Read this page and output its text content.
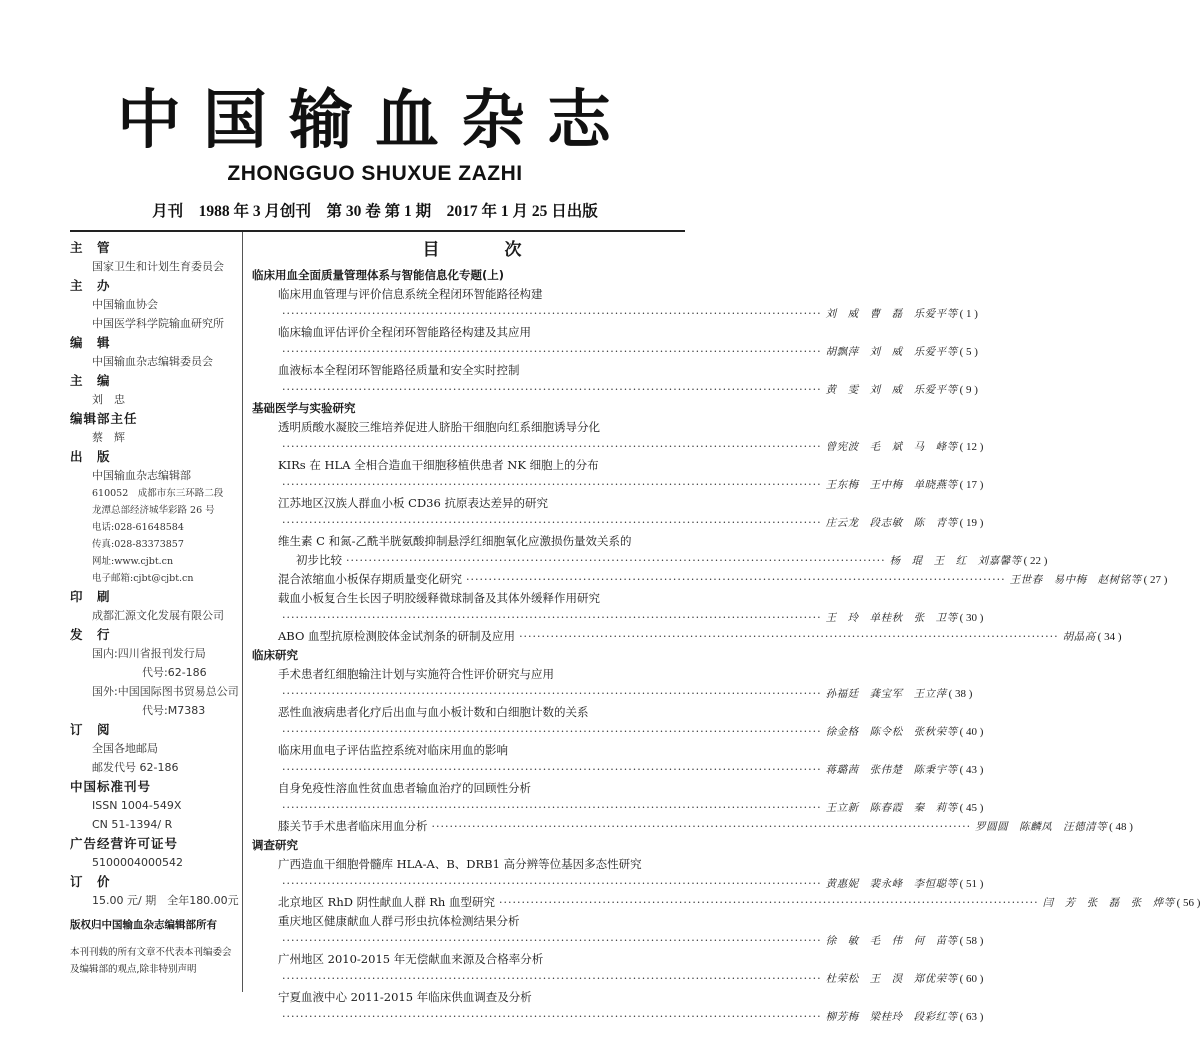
中国输血杂志
ZHONGGUO SHUXUE ZAZHI
月刊　1988 年 3 月创刊　第 30 卷 第 1 期　2017 年 1 月 25 日出版
主　管
国家卫生和计划生育委员会
主　办
中国输血协会
中国医学科学院输血研究所
编　辑
中国输血杂志编辑委员会
主　编
刘　忠
编辑部主任
蔡　辉
出　版
中国输血杂志编辑部
610052　成都市东三环路二段
龙潭总部经济城华彩路 26 号
电话:028-61648584
传真:028-83373857
网址:www.cjbt.cn
电子邮箱:cjbt@cjbt.cn
印　刷
成都汇源文化发展有限公司
发　行
国内:四川省报刊发行局
代号:62-186
国外:中国国际图书贸易总公司
代号:M7383
订　阅
全国各地邮局
邮发代号 62-186
中国标准刊号
ISSN 1004-549X
CN 51-1394/ R
广告经营许可证号
5100004000542
订　价
15.00 元/ 期　全年180.00元
版权归中国输血杂志编辑部所有
本刊刊载的所有文章不代表本刊编委会及编辑部的观点,除非特别声明
目　次
临床用血全面质量管理体系与智能信息化专题(上)
临床用血管理与评价信息系统全程闭环智能路径构建
························································································································ 刘　威　曹　磊　乐爱平等 ( 1 )
临床输血评估评价全程闭环智能路径构建及其应用
························································································································ 胡飘萍　刘　威　乐爱平等 ( 5 )
血液标本全程闭环智能路径质量和安全实时控制
························································································································ 黄　雯　刘　威　乐爱平等 ( 9 )
基础医学与实验研究
透明质酸水凝胶三维培养促进人脐胎干细胞向红系细胞诱导分化
························································································································ 曾宪波　毛　斌　马　峰等 ( 12 )
KIRs 在 HLA 全相合造血干细胞移植供患者 NK 细胞上的分布
························································································································ 王东梅　王中梅　单晓燕等 ( 17 )
江苏地区汉族人群血小板 CD36 抗原表达差异的研究
························································································································ 庄云龙　段志敏　陈　青等 ( 19 )
维生素 C 和氮-乙酰半胱氨酸抑制悬浮红细胞氧化应激损伤量效关系的
初步比较 ························································································································ 杨　琨　王　红　刘嘉馨等 ( 22 )
混合浓缩血小板保存期质量变化研究 ························································································································ 王世春　易中梅　赵树铭等 ( 27 )
载血小板复合生长因子明胶缓释微球制备及其体外缓释作用研究
························································································································ 王　玲　单桂秋　张　卫等 ( 30 )
ABO 血型抗原检测胶体金试剂条的研制及应用 ························································································································ 胡晶高 ( 34 )
临床研究
手术患者红细胞输注计划与实施符合性评价研究与应用
························································································································ 孙福廷　龚宝军　王立萍 ( 38 )
恶性血液病患者化疗后出血与血小板计数和白细胞计数的关系
························································································································ 徐金格　陈令松　张秋荣等 ( 40 )
临床用血电子评估监控系统对临床用血的影响
························································································································ 蒋璐茜　张伟楚　陈秉宇等 ( 43 )
自身免疫性溶血性贫血患者输血治疗的回顾性分析
························································································································ 王立新　陈春霞　秦　莉等 ( 45 )
膝关节手术患者临床用血分析 ························································································································ 罗圆圆　陈麟凤　汪德清等 ( 48 )
调查研究
广西造血干细胞骨髓库 HLA-A、B、DRB1 高分辨等位基因多态性研究
························································································································ 黄惠妮　裴永峰　李恒聪等 ( 51 )
北京地区 RhD 阴性献血人群 Rh 血型研究 ························································································································ 闫　芳　张　磊　张　烨等 ( 56 )
重庆地区健康献血人群弓形虫抗体检测结果分析
························································································································ 徐　敏　毛　伟　何　苗等 ( 58 )
广州地区 2010-2015 年无偿献血来源及合格率分析
························································································································ 杜荣松　王　淏　郑优荣等 ( 60 )
宁夏血液中心 2011-2015 年临床供血调查及分析
························································································································ 柳芳梅　梁桂玲　段彩红等 ( 63 )
